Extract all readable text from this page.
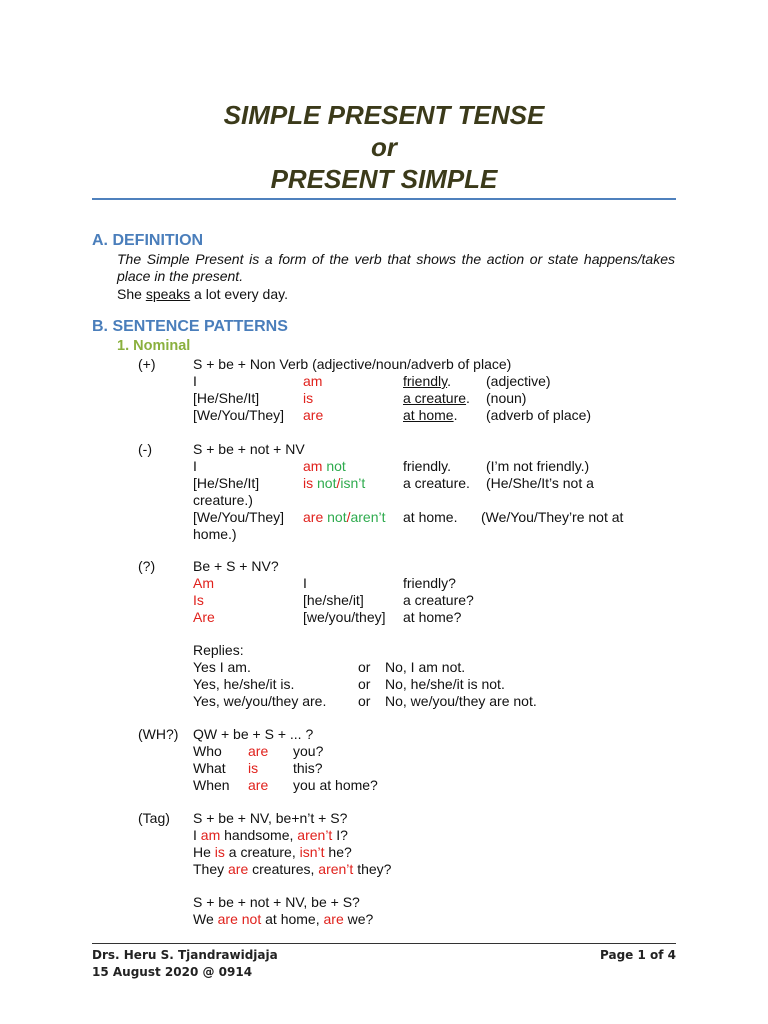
SIMPLE PRESENT TENSE
or
PRESENT SIMPLE
A. DEFINITION
The Simple Present is a form of the verb that shows the action or state happens/takes place in the present.
She speaks a lot every day.
B. SENTENCE PATTERNS
1. Nominal
(+)	S + be + Non Verb (adjective/noun/adverb of place)
I	am	friendly.	(adjective)
[He/She/It]	is	a creature. (noun)
[We/You/They] are	at home. (adverb of place)
(-)	S + be + not + NV
I	am not	friendly.	(I’m not friendly.)
[He/She/It]	is not/isn’t	a creature. (He/She/It’s not a
creature.)
[We/You/They] are not/aren’t at home. (We/You/They’re not at
home.)
(?)	Be + S + NV?
Am	I	friendly?
Is	[he/she/it]	a creature?
Are	[we/you/they] at home?
Replies:
Yes I am.	or No, I am not.
Yes, he/she/it is.	or No, he/she/it is not.
Yes, we/you/they are. or No, we/you/they are not.
(WH?) QW + be + S + ... ?
Who are you?
What is this?
When are you at home?
(Tag) S + be + NV, be+n’t + S?
I am handsome, aren’t I?
He is a creature, isn’t he?
They are creatures, aren’t they?
S + be + not + NV, be + S?
We are not at home, are we?
Drs. Heru S. Tjandrawidjaja
15 August 2020 @ 0914
Page 1 of 4
